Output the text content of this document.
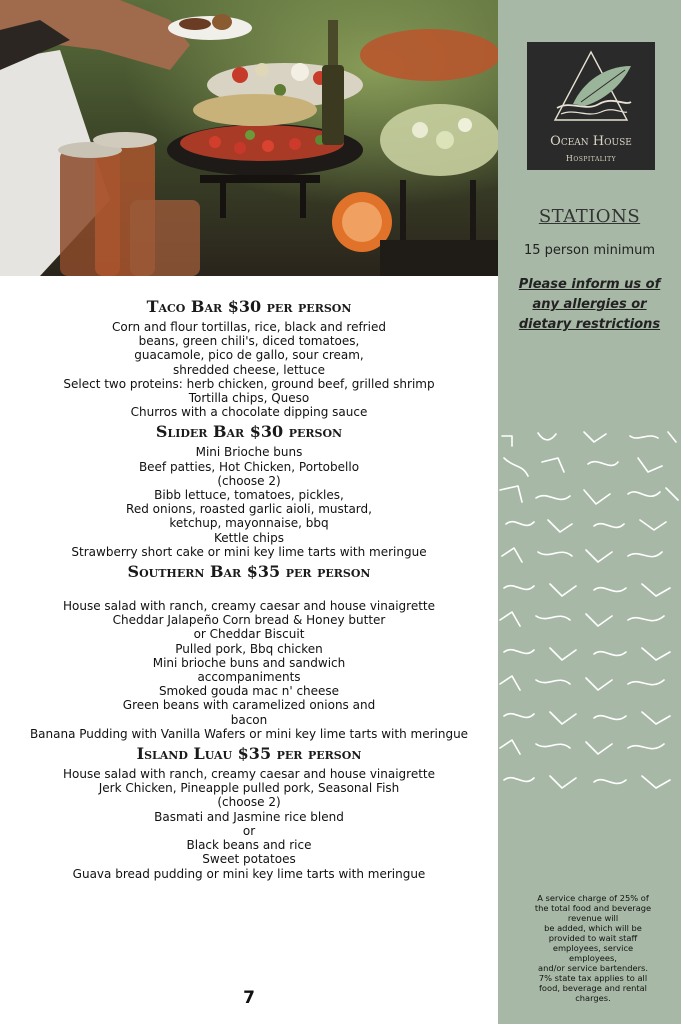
Ocean House
Hospitality
STATIONS
15 person minimum
Please inform us of
any allergies or
dietary restrictions
A service charge of 25% of
the total food and beverage
revenue will
be added, which will be
provided to wait staff
employees, service
employees,
and/or service bartenders.
7% state tax applies to all
food, beverage and rental
charges.
Taco Bar $30 per person
Corn and flour tortillas, rice, black and refried
beans, green chili's, diced tomatoes,
guacamole, pico de gallo, sour cream,
shredded cheese, lettuce
Select two proteins: herb chicken, ground beef, grilled shrimp
Tortilla chips, Queso
Churros with a chocolate dipping sauce
Slider Bar $30 person
Mini Brioche buns
Beef patties, Hot Chicken, Portobello
(choose 2)
Bibb lettuce, tomatoes, pickles,
Red onions, roasted garlic aioli, mustard,
ketchup, mayonnaise, bbq
Kettle chips
Strawberry short cake or mini key lime tarts with meringue
Southern Bar $35 per person
House salad with ranch, creamy caesar and house vinaigrette
Cheddar Jalapeño Corn bread & Honey butter
or Cheddar Biscuit
Pulled pork, Bbq chicken
Mini brioche buns and sandwich
accompaniments
Smoked gouda mac n' cheese
Green beans with caramelized onions and
bacon
Banana Pudding with Vanilla Wafers or mini key lime tarts with meringue
Island Luau $35 per person
House salad with ranch, creamy caesar and house vinaigrette
Jerk Chicken, Pineapple pulled pork, Seasonal Fish
(choose 2)
Basmati and Jasmine rice blend
or
Black beans and rice
Sweet potatoes
Guava bread pudding or mini key lime tarts with meringue
7
